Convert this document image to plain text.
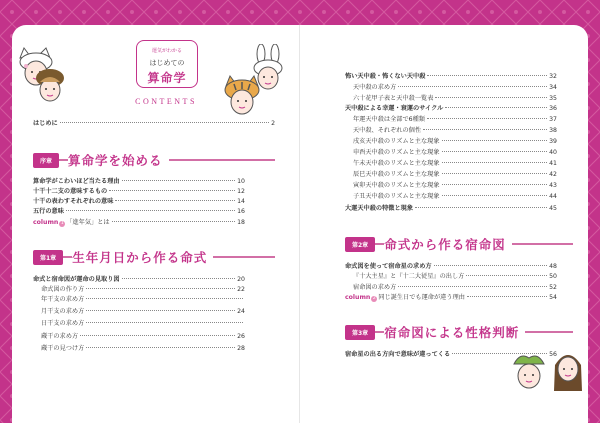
運気がわかる
はじめての
算命学
CONTENTS
はじめに	2
序章	算命学を始める
算命学がこわいほど当たる理由	10
十干十二支の意味するもの	12
十干の表わすそれぞれの意味	14
五行の意味	16
column 1 「進年気」とは	18
第1章	生年月日から作る命式
命式と宿命図が運命の見取り図	20
命式図の作り方	22
年干支の求め方
月干支の求め方	24
日干支の求め方
蔵干の求め方	26
蔵干の見つけ方	28
怖い天中殺・怖くない天中殺	32
天中殺の求め方	34
六十花甲子表と天中殺一覧表	35
天中殺による幸運・衰運のサイクル	36
年運天中殺は全部で6種類	37
天中殺、それぞれの個性	38
戌亥天中殺のリズムと主な現象	39
申酉天中殺のリズムと主な現象	40
午未天中殺のリズムと主な現象	41
辰巳天中殺のリズムと主な現象	42
寅卯天中殺のリズムと主な現象	43
子丑天中殺のリズムと主な現象	44
大運天中殺の特徴と現象	45
第2章	命式から作る宿命図
命式図を使って宿命星の求め方	48
『十大主星』と『十二大従星』の出し方	50
宿命図の求め方	52
column 2 同じ誕生日でも運命が違う理由	54
第3章	宿命図による性格判断
宿命星の出る方向で意味が違ってくる	56
